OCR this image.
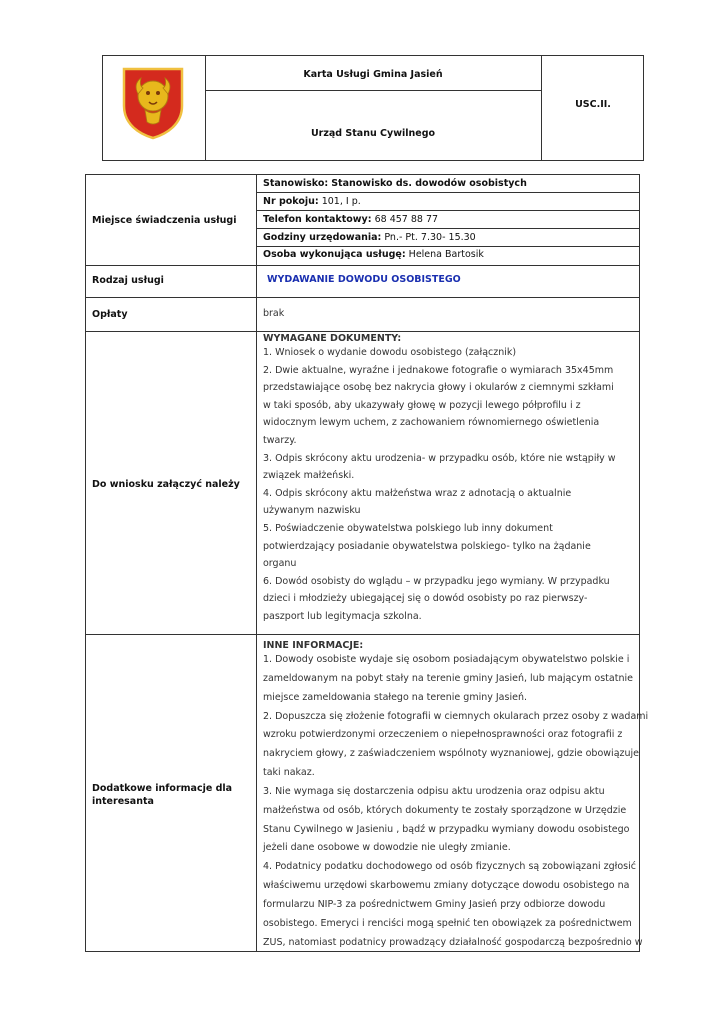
Karta Usługi Gmina Jasień
Urząd Stanu Cywilnego
USC.II.
Miejsce świadczenia usługi
Stanowisko: Stanowisko ds. dowodów osobistych
Nr pokoju: 101, I p.
Telefon kontaktowy: 68 457 88 77
Godziny urzędowania: Pn.- Pt. 7.30- 15.30
Osoba wykonująca usługę: Helena Bartosik
Rodzaj usługi	WYDAWANIE DOWODU OSOBISTEGO
Opłaty	brak
Do wniosku załączyć należy
WYMAGANE DOKUMENTY:
1. Wniosek o wydanie dowodu osobistego (załącznik)
2. Dwie aktualne, wyraźne i jednakowe fotografie o wymiarach 35x45mm
przedstawiające osobę bez nakrycia głowy i okularów z ciemnymi szkłami
w taki sposób, aby ukazywały głowę w pozycji lewego półprofilu i z
widocznym lewym uchem, z zachowaniem równomiernego oświetlenia
twarzy.
3. Odpis skrócony aktu urodzenia- w przypadku osób, które nie wstąpiły w
związek małżeński.
4. Odpis skrócony aktu małżeństwa wraz z adnotacją o aktualnie
używanym nazwisku
5. Poświadczenie obywatelstwa polskiego lub inny dokument
potwierdzający posiadanie obywatelstwa polskiego- tylko na żądanie
organu
6. Dowód osobisty do wglądu – w przypadku jego wymiany. W przypadku
dzieci i młodzieży ubiegającej się o dowód osobisty po raz pierwszy-
paszport lub legitymacja szkolna.
Dodatkowe informacje dla
interesanta
INNE INFORMACJE:
1. Dowody osobiste wydaje się osobom posiadającym obywatelstwo polskie i
zameldowanym na pobyt stały na terenie gminy Jasień, lub mającym ostatnie
miejsce zameldowania stałego na terenie gminy Jasień.
2. Dopuszcza się złożenie fotografii w ciemnych okularach przez osoby z wadami
wzroku potwierdzonymi orzeczeniem o niepełnosprawności oraz fotografii z
nakryciem głowy, z zaświadczeniem wspólnoty wyznaniowej, gdzie obowiązuje
taki nakaz.
3. Nie wymaga się dostarczenia odpisu aktu urodzenia oraz odpisu aktu
małżeństwa od osób, których dokumenty te zostały sporządzone w Urzędzie
Stanu Cywilnego w Jasieniu , bądź w przypadku wymiany dowodu osobistego
jeżeli dane osobowe w dowodzie nie uległy zmianie.
4. Podatnicy podatku dochodowego od osób fizycznych są zobowiązani zgłosić
właściwemu urzędowi skarbowemu zmiany dotyczące dowodu osobistego na
formularzu NIP-3 za pośrednictwem Gminy Jasień przy odbiorze dowodu
osobistego. Emeryci i renciści mogą spełnić ten obowiązek za pośrednictwem
ZUS, natomiast podatnicy prowadzący działalność gospodarczą bezpośrednio w
